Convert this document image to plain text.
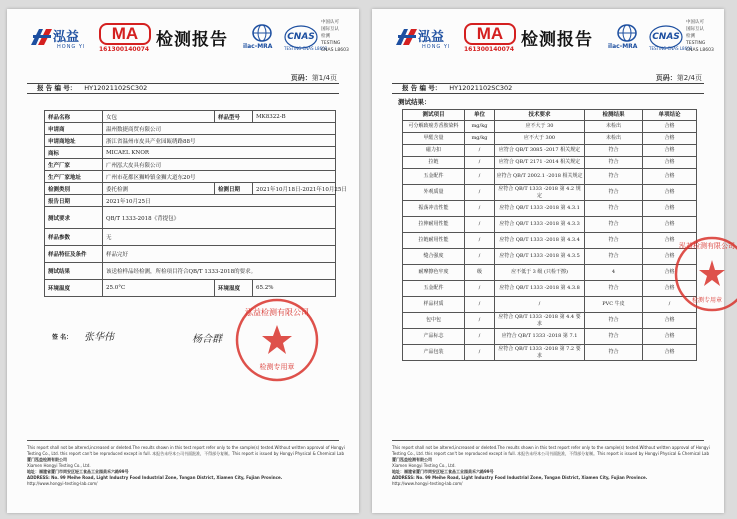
泓益
HONG YI
MA
161300140074 检测报告	ilac-MRA
CNAS
TESTING CNAS L8603
中国认可
国际互认
检测
TESTING
CNAS L8603
页码：第1/4页
报 告 编 号： HY12021102SC302
样品名称	女包	样品型号	MK8322-B
申请商	温州数捷商贸有限公司		
申请商地址	浙江省温州市皮具产业园瓯绣路88号		
商标	MICAEL KNOR		
生产厂家	广州泓大皮具有限公司		
生产厂家地址	广州市花都区狮岭镇金狮大道东20号		
检测类别	委托检测	检测日期	2021年10月18日-2021年10月25日
报告日期	2021年10月25日		
测试要求	QB/T 1333-2018《背提包》		
样品参数	无		
样品特征及条件	样品完好		
测试结果	该送检样品经检测，所检项目符合QB/T 1333-2018的要求。		
环境温度	25.0°C	环境湿度	65.2%
签 名： 张华伟	杨合群
泓益检测有限公司
检测专用章
This report shall not be altered,increased or deleted.The results shown in this test report refer only to the sample(s) tested.Without written approval of Hongyi
Testing Co., Ltd. this report can't be reproduced except in full. 本报告未经本公司书面批准，不得部分复制。This report is issued by Hongyi Physical & Chemical Lab
厦门泓益检测有限公司
Xiamen Hongyi Testing Co., Ltd.
地址：福建省厦门市同安区轻工食品工业园美禾六路99号
ADDRESS: No. 99 Meihe Road, Light Industry Food Industrial Zone, Tongan District, Xiamen City, Fujian Province.
http://www.hongyi-testing-lab.com/
泓益
HONG YI
MA
161300140074 检测报告	ilac-MRA
CNAS
TESTING CNAS L8603
中国认可
国际互认
检测
TESTING
CNAS L8603
页码：第2/4页
报 告 编 号： HY12021102SC302
测试结果：
测试项目	单位	技术要求	检测结果	单项结论
可分解致癌芳香胺染料	mg/kg	应不大于 30	未检出	合格
甲醛含量	mg/kg	应不大于 300	未检出	合格
磁力扣	/	应符合 QB/T 3085 -2017 相关规定	符合	合格
拉链	/	应符合 QB/T 2171 -2014 相关规定	符合	合格
五金配件	/	应符合 QB/T 2002.1 -2018 相关规定	符合	合格
外观质量	/	应符合 QB/T 1333 -2018 第 4.2 规定	符合	合格
振荡冲击性能	/	应符合 QB/T 1333 -2018 第 4.3.1	符合	合格
拉伸耐用性能	/	应符合 QB/T 1333 -2018 第 4.3.3	符合	合格
拉链耐用性能	/	应符合 QB/T 1333 -2018 第 4.3.4	符合	合格
缝合强度	/	应符合 QB/T 1333 -2018 第 4.3.5	符合	合格
耐摩擦色牢度	级	应不低于 3 级 (只检干擦)	4	合格
五金配件	/	应符合 QB/T 1333 -2018 第 4.3.8	符合	合格
样品材质	/	/	PVC 牛皮	/
包中包	/	应符合 QB/T 1333 -2018 第 4.4 要求	符合	合格
产品标志	/	应符合 QB/T 1333 -2018 第 7.1	符合	合格
产品包装	/	应符合 QB/T 1333 -2018 第 7.2 要求	符合	合格
泓益检测有限公司
检测专用章
This report shall not be altered,increased or deleted.The results shown in this test report refer only to the sample(s) tested.Without written approval of Hongyi
Testing Co., Ltd. this report can't be reproduced except in full. 本报告未经本公司书面批准，不得部分复制。This report is issued by Hongyi Physical & Chemical Lab
厦门泓益检测有限公司
Xiamen Hongyi Testing Co., Ltd.
地址：福建省厦门市同安区轻工食品工业园美禾六路99号
ADDRESS: No. 99 Meihe Road, Light Industry Food Industrial Zone, Tongan District, Xiamen City, Fujian Province.
http://www.hongyi-testing-lab.com/
